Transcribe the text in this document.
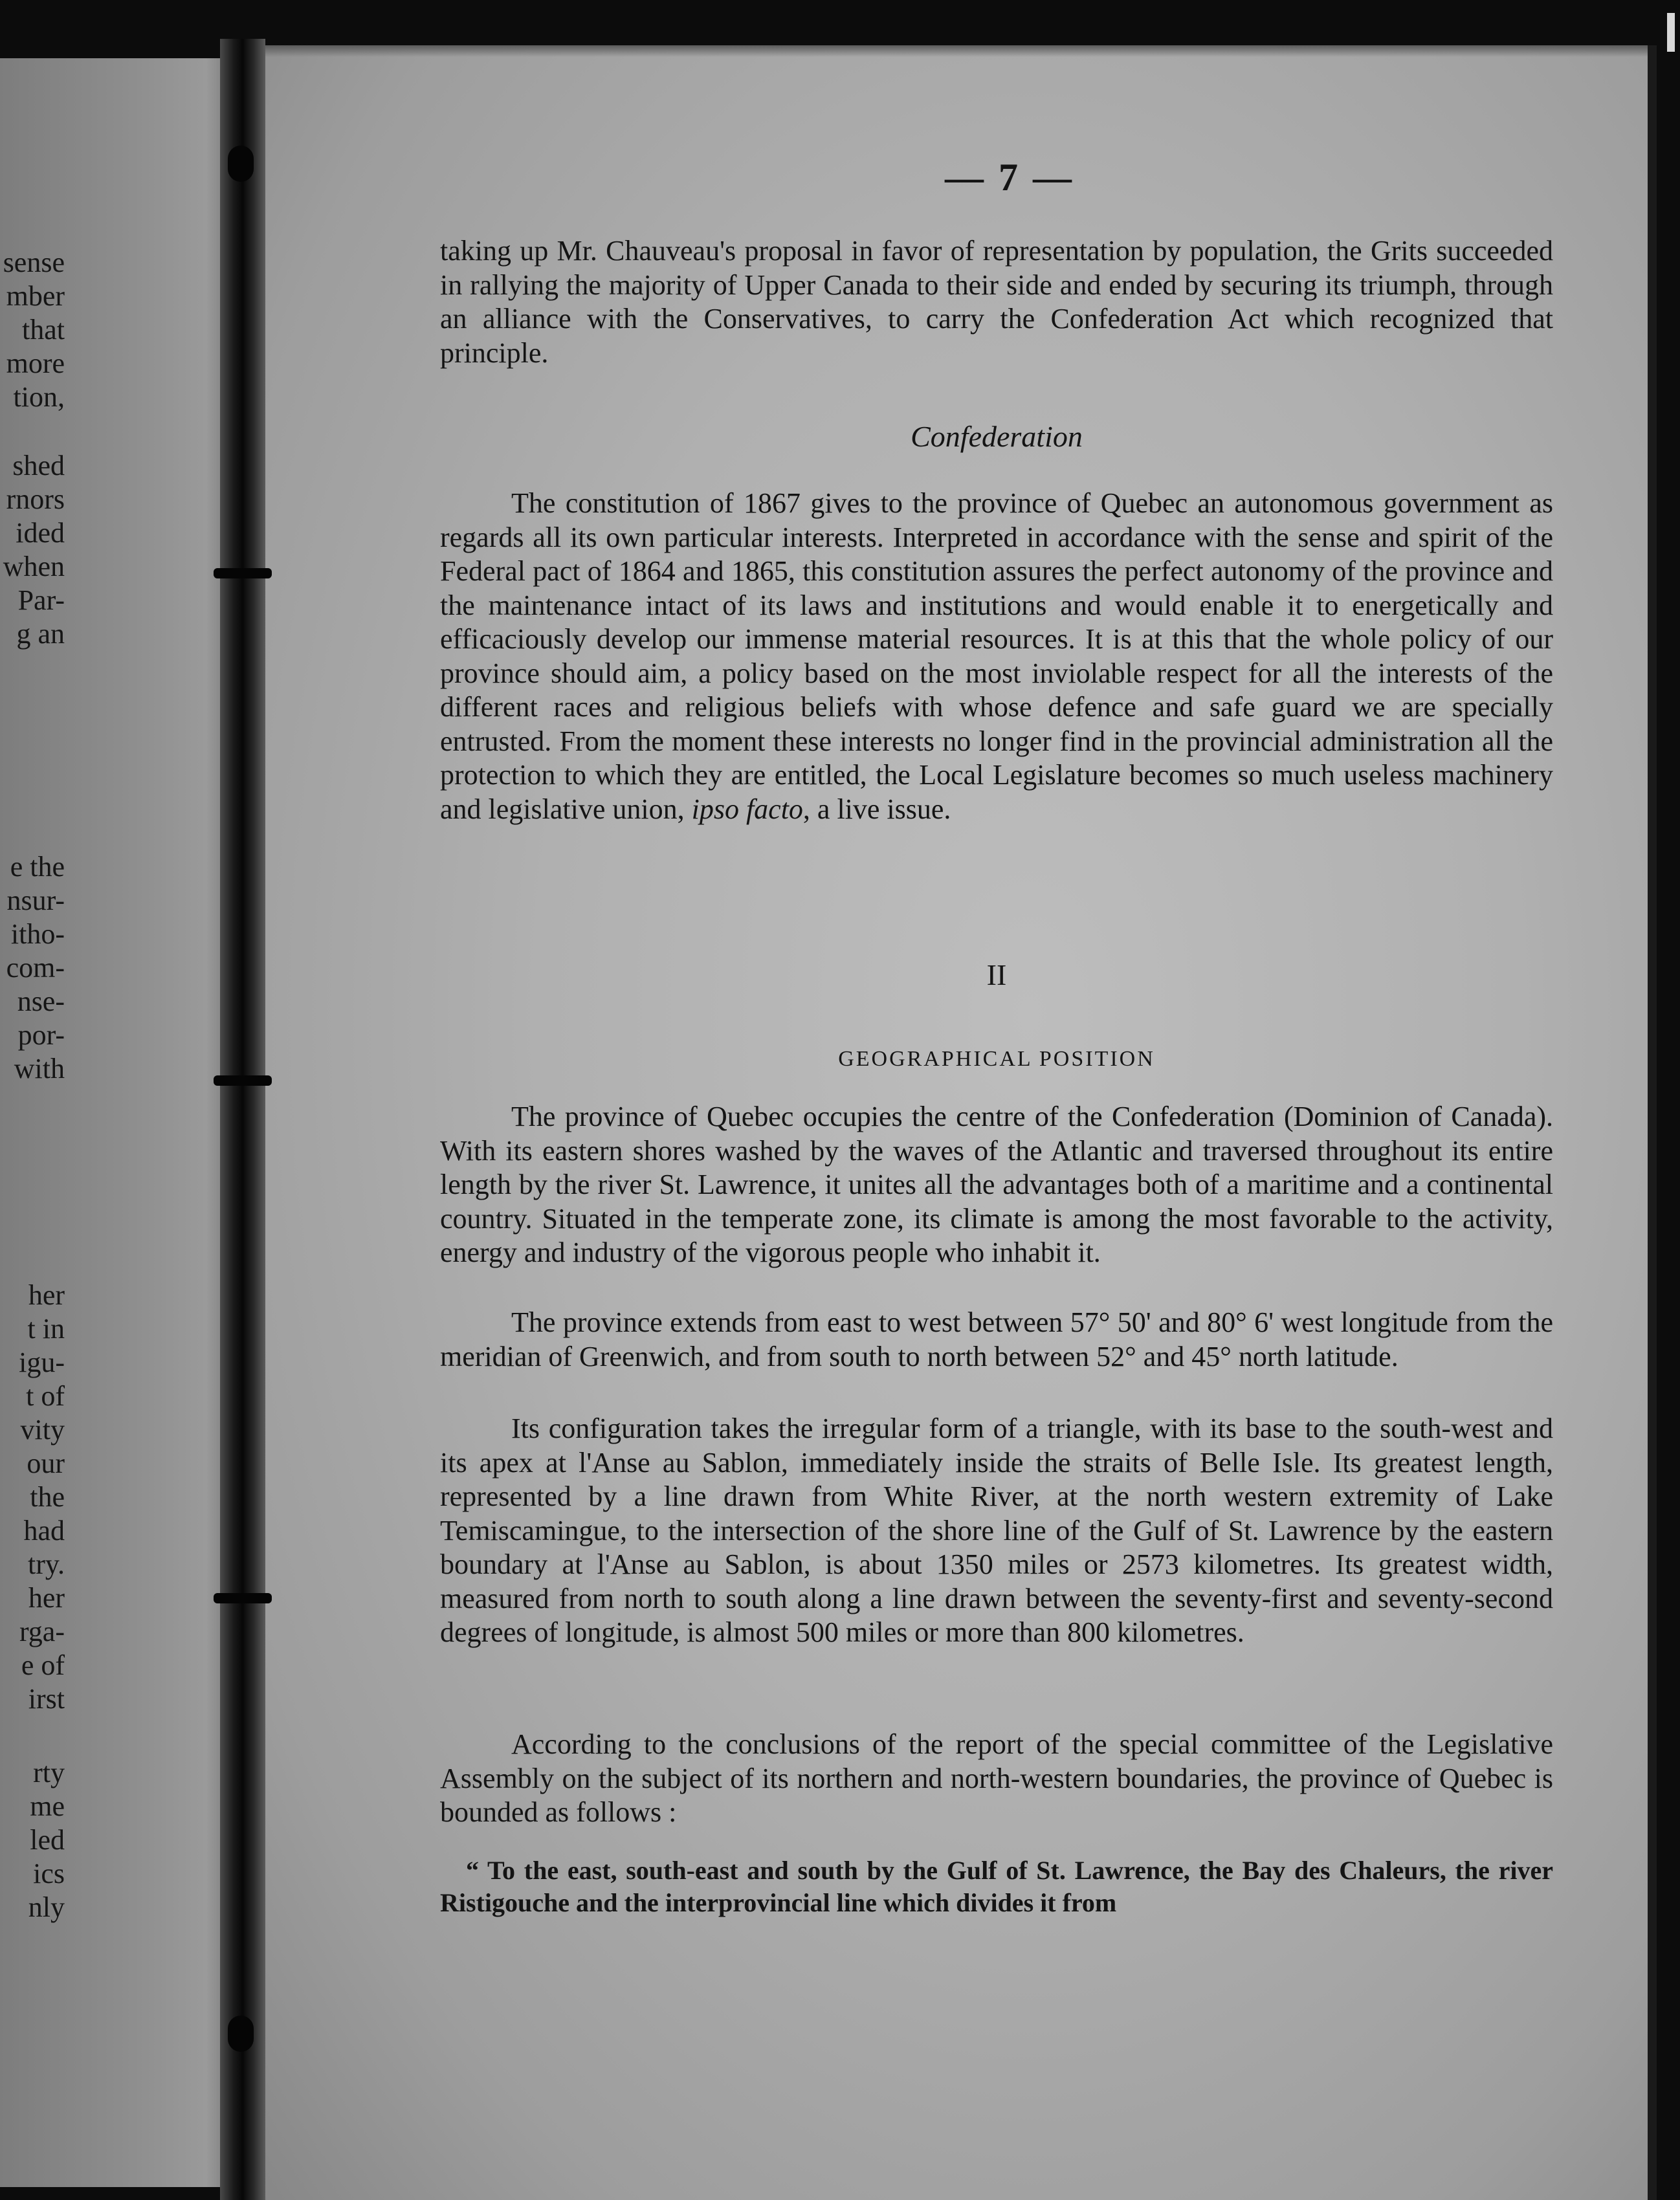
sense
mber
that
more
tion,
shed
rnors
ided
when
Par-
g an
e the
nsur-
itho-
com-
nse-
por-
with
her
t in
igu-
t of
vity
our
the
had
try.
her
rga-
e of
irst
rty
me
led
ics
nly
— 7 —
taking up Mr. Chauveau's proposal in favor of representation by population, the Grits succeeded in rallying the majority of Upper Canada to their side and ended by securing its triumph, through an alliance with the Conservatives, to carry the Confederation Act which recognized that principle.
Confederation
The constitution of 1867 gives to the province of Quebec an autonomous government as regards all its own particular interests. Interpreted in accordance with the sense and spirit of the Federal pact of 1864 and 1865, this constitution assures the perfect autonomy of the province and the maintenance intact of its laws and institutions and would enable it to energetically and efficaciously develop our immense material resources. It is at this that the whole policy of our province should aim, a policy based on the most inviolable respect for all the interests of the different races and religious beliefs with whose defence and safe guard we are specially entrusted. From the moment these interests no longer find in the provincial administration all the protection to which they are entitled, the Local Legislature becomes so much useless machinery and legislative union, ipso facto, a live issue.
II
GEOGRAPHICAL POSITION
The province of Quebec occupies the centre of the Confederation (Dominion of Canada). With its eastern shores washed by the waves of the Atlantic and traversed throughout its entire length by the river St. Lawrence, it unites all the advantages both of a maritime and a continental country. Situated in the temperate zone, its climate is among the most favorable to the activity, energy and industry of the vigorous people who inhabit it.
The province extends from east to west between 57° 50' and 80° 6' west longitude from the meridian of Greenwich, and from south to north between 52° and 45° north latitude.
Its configuration takes the irregular form of a triangle, with its base to the south-west and its apex at l'Anse au Sablon, immediately inside the straits of Belle Isle. Its greatest length, represented by a line drawn from White River, at the north western extremity of Lake Temiscamingue, to the intersection of the shore line of the Gulf of St. Lawrence by the eastern boundary at l'Anse au Sablon, is about 1350 miles or 2573 kilometres. Its greatest width, measured from north to south along a line drawn between the seventy-first and seventy-second degrees of longitude, is almost 500 miles or more than 800 kilometres.
According to the conclusions of the report of the special committee of the Legislative Assembly on the subject of its northern and north-western boundaries, the province of Quebec is bounded as follows :
“ To the east, south-east and south by the Gulf of St. Lawrence, the Bay des Chaleurs, the river Ristigouche and the interprovincial line which divides it from
